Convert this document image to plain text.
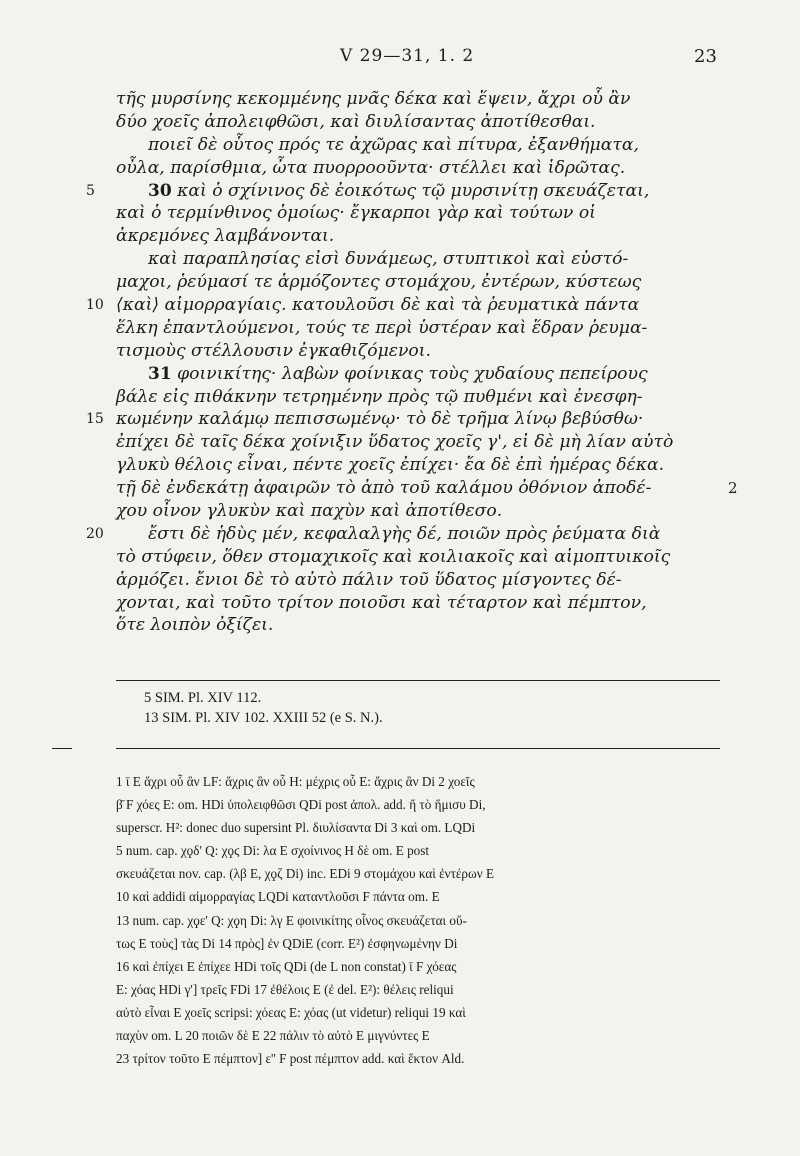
V 29—31, 1. 2	23
τῆς μυρσίνης κεκομμένης μνᾶς δέκα καὶ ἕψειν, ἄχρι οὗ ἂν
δύο χοεῖς ἀπολειφθῶσι, καὶ διυλίσαντας ἀποτίθεσθαι.
ποιεῖ δὲ οὗτος πρός τε ἀχῶρας καὶ πίτυρα, ἐξανθήματα,
οὖλα, παρίσθμια, ὦτα πυορροοῦντα· στέλλει καὶ ἱδρῶτας.
5	30 καὶ ὁ σχίνινος δὲ ἐοικότως τῷ μυρσινίτῃ σκευάζεται,
καὶ ὁ τερμίνθινος ὁμοίως· ἔγκαρποι γὰρ καὶ τούτων οἱ
ἀκρεμόνες λαμβάνονται.
καὶ παραπλησίας εἰσὶ δυνάμεως, στυπτικοὶ καὶ εὐστό-
μαχοι, ῥεύμασί τε ἁρμόζοντες στομάχου, ἐντέρων, κύστεως
10 ⟨καὶ⟩ αἱμορραγίαις. κατουλοῦσι δὲ καὶ τὰ ῥευματικὰ πάντα
ἕλκη ἐπαντλούμενοι, τούς τε περὶ ὑστέραν καὶ ἕδραν ῥευμα-
τισμοὺς στέλλουσιν ἐγκαθιζόμενοι.
31 φοινικίτης· λαβὼν φοίνικας τοὺς χυδαίους πεπείρους
βάλε εἰς πιθάκνην τετρημένην πρὸς τῷ πυθμένι καὶ ἐνεσφη-
15 κωμένην καλάμῳ πεπισσωμένῳ· τὸ δὲ τρῆμα λίνῳ βεβύσθω·
ἐπίχει δὲ ταῖς δέκα χοίνιξιν ὕδατος χοεῖς γ', εἰ δὲ μὴ λίαν αὐτὸ
γλυκὺ θέλοις εἶναι, πέντε χοεῖς ἐπίχει· ἔα δὲ ἐπὶ ἡμέρας δέκα.
τῇ δὲ ἐνδεκάτῃ ἀφαιρῶν τὸ ἀπὸ τοῦ καλάμου ὀθόνιον ἀποδέ-	2
χου οἶνον γλυκὺν καὶ παχὺν καὶ ἀποτίθεσο.
20	ἔστι δὲ ἡδὺς μέν, κεφαλαλγὴς δέ, ποιῶν πρὸς ῥεύματα διὰ
τὸ στύφειν, ὅθεν στομαχικοῖς καὶ κοιλιακοῖς καὶ αἱμοπτυικοῖς
ἁρμόζει. ἔνιοι δὲ τὸ αὐτὸ πάλιν τοῦ ὕδατος μίσγοντες δέ-
χονται, καὶ τοῦτο τρίτον ποιοῦσι καὶ τέταρτον καὶ πέμπτον,
ὅτε λοιπὸν ὀξίζει.
5 SIM. Pl. XIV 112.
13 SIM. Pl. XIV 102. XXIII 52 (e S. N.).
1 ῑ E ἄχρι οὗ ἂν LF: ἄχρις ἂν οὗ H: μέχρις οὗ E: ἄχρις ἂν Di 2 χοεῖς
β̄ F χόες E: om. HDi ὑπολειφθῶσι QDi post ἀπολ. add. ἤ τὸ ἥμισυ Di,
superscr. H²: donec duo supersint Pl. διυλίσαντα Di 3 καὶ om. LQDi
5 num. cap. χϙδ' Q: χϙϛ Di: λα E σχοίνινος H δὲ om. E post
σκευάζεται nov. cap. (λβ E, χϙζ Di) inc. EDi 9 στομάχου καὶ ἐντέρων E
10 καὶ addidi αἱμορραγίας LQDi καταντλοῦσι F πάντα om. E
13 num. cap. χϙε' Q: χϙη Di: λγ E φοινικίτης οἶνος σκευάζεται οὕ-
τως E τοὺς] τὰς Di 14 πρὸς] ἐν QDiE (corr. E²) ἐσφηνωμένην Di
16 καὶ ἐπίχει E ἐπίχεε HDi τοῖς QDi (de L non constat) ῑ F χόεας
E: χόας HDi γ'] τρεῖς FDi 17 ἐθέλοις E (ἐ del. E²): θέλεις reliqui
αὐτὸ εἶναι E χοεῖς scripsi: χόεας E: χόας (ut videtur) reliqui 19 καὶ
παχὺν om. L 20 ποιῶν δὲ E 22 πάλιν τὸ αὐτὸ E μιγνύντες E
23 τρίτον τοῦτο E πέμπτον] ε'' F post πέμπτον add. καὶ ἕκτον Ald.
